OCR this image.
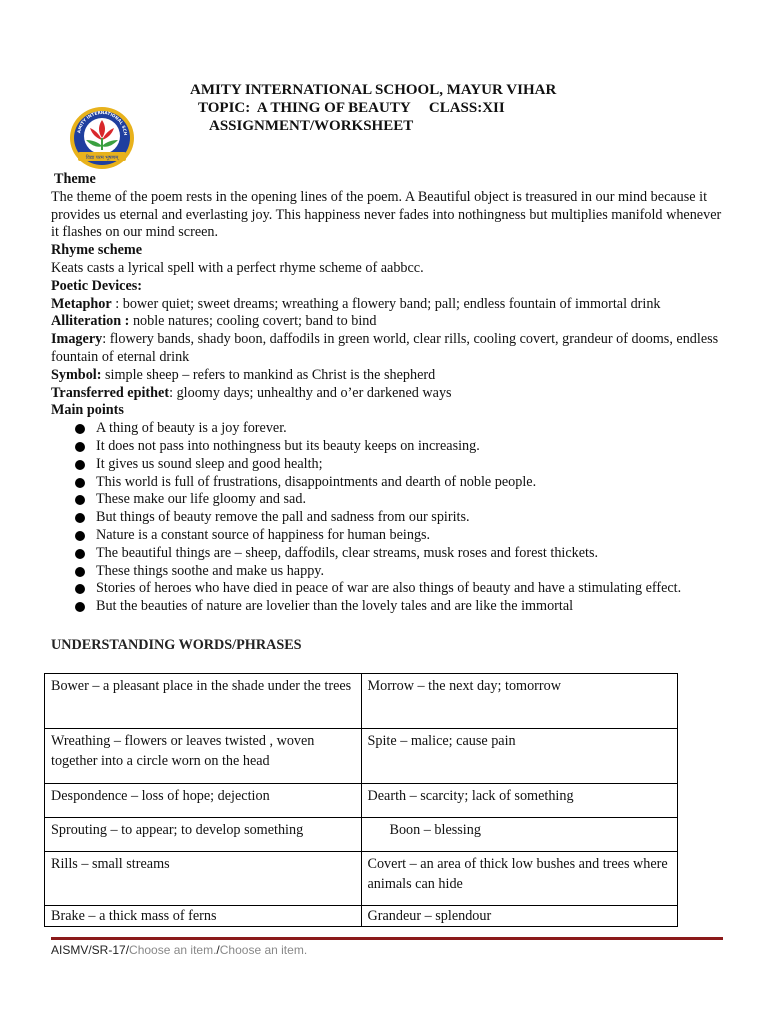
AMITY INTERNATIONAL SCHOOL, MAYUR VIHAR
TOPIC:  A THING OF BEAUTY     CLASS:XII
ASSIGNMENT/WORKSHEET
AMITY INTERNATIONAL SCH
विद्या परम भूषणम्

Theme

The theme of the poem rests in the opening lines of the poem. A Beautiful object is treasured in our mind because it provides us eternal and everlasting joy. This happiness never fades into nothingness but multiplies manifold whenever it flashes on our mind screen.

Rhyme scheme

Keats casts a lyrical spell with a perfect rhyme scheme of aabbcc.

Poetic Devices:

Metaphor : bower quiet; sweet dreams; wreathing a flowery band; pall; endless fountain of immortal drink

Alliteration : noble natures; cooling covert; band to bind

Imagery: flowery bands, shady boon, daffodils in green world, clear rills, cooling covert, grandeur of dooms, endless fountain of eternal drink

Symbol: simple sheep – refers to mankind as Christ is the shepherd

Transferred epithet: gloomy days; unhealthy and o’er darkened ways

Main points

A thing of beauty is a joy forever.
It does not pass into nothingness but its beauty keeps on increasing.
It gives us sound sleep and good health;
This world is full of frustrations, disappointments and dearth of noble people.
These make our life gloomy and sad.
But things of beauty remove the pall and sadness from our spirits.
Nature is a constant source of happiness for human beings.
The beautiful things are – sheep, daffodils, clear streams, musk roses and forest thickets.
These things soothe and make us happy.
Stories of heroes who have died in peace of war are also things of beauty and have a stimulating effect.
But the beauties of nature are lovelier than the lovely tales and are like the immortal
UNDERSTANDING WORDS/PHRASES
Bower – a pleasant place in the shade under the trees	Morrow – the next day; tomorrow
Wreathing – flowers or leaves twisted , woven together into a circle worn on the head	Spite – malice; cause pain
Despondence – loss of hope; dejection	Dearth – scarcity; lack of something
Sprouting – to appear; to develop something	Boon – blessing
Rills – small streams	Covert – an area of thick low bushes and trees where animals can hide
Brake – a thick mass of ferns	Grandeur – splendour
AISMV/SR-17/Choose an item./Choose an item.
